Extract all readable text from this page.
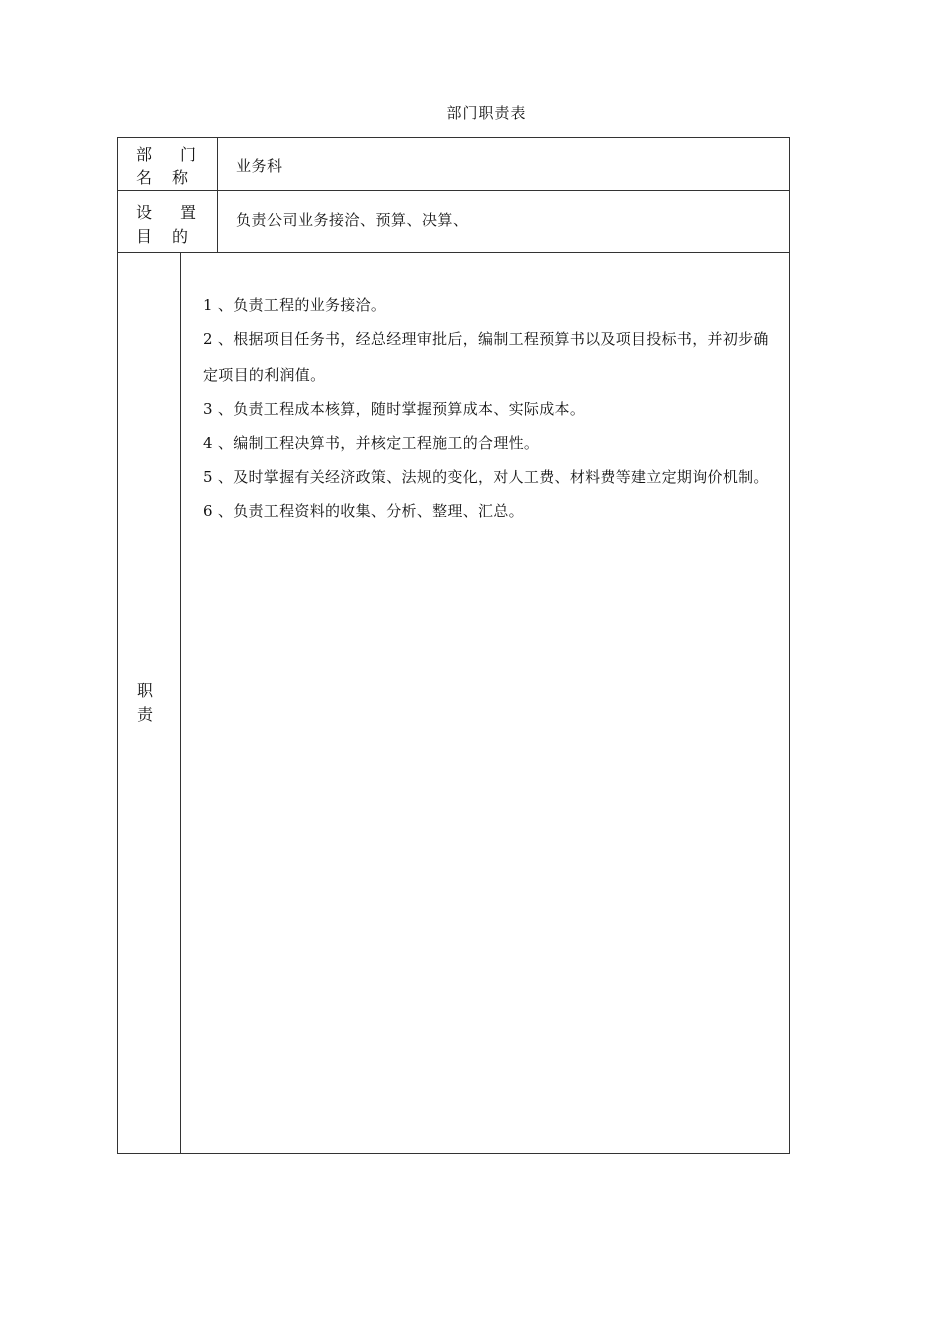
部门职责表
部 门
名 称
业务科
设 置
目 的
负责公司业务接洽、预算、决算、
职
责
1 、负责工程的业务接洽。
2 、根据项目任务书，经总经理审批后，编制工程预算书以及项目投标书，并初步确定项目的利润值。
3 、负责工程成本核算，随时掌握预算成本、实际成本。
4 、编制工程决算书，并核定工程施工的合理性。
5 、及时掌握有关经济政策、法规的变化，对人工费、材料费等建立定期询价机制。
6 、负责工程资料的收集、分析、整理、汇总。
